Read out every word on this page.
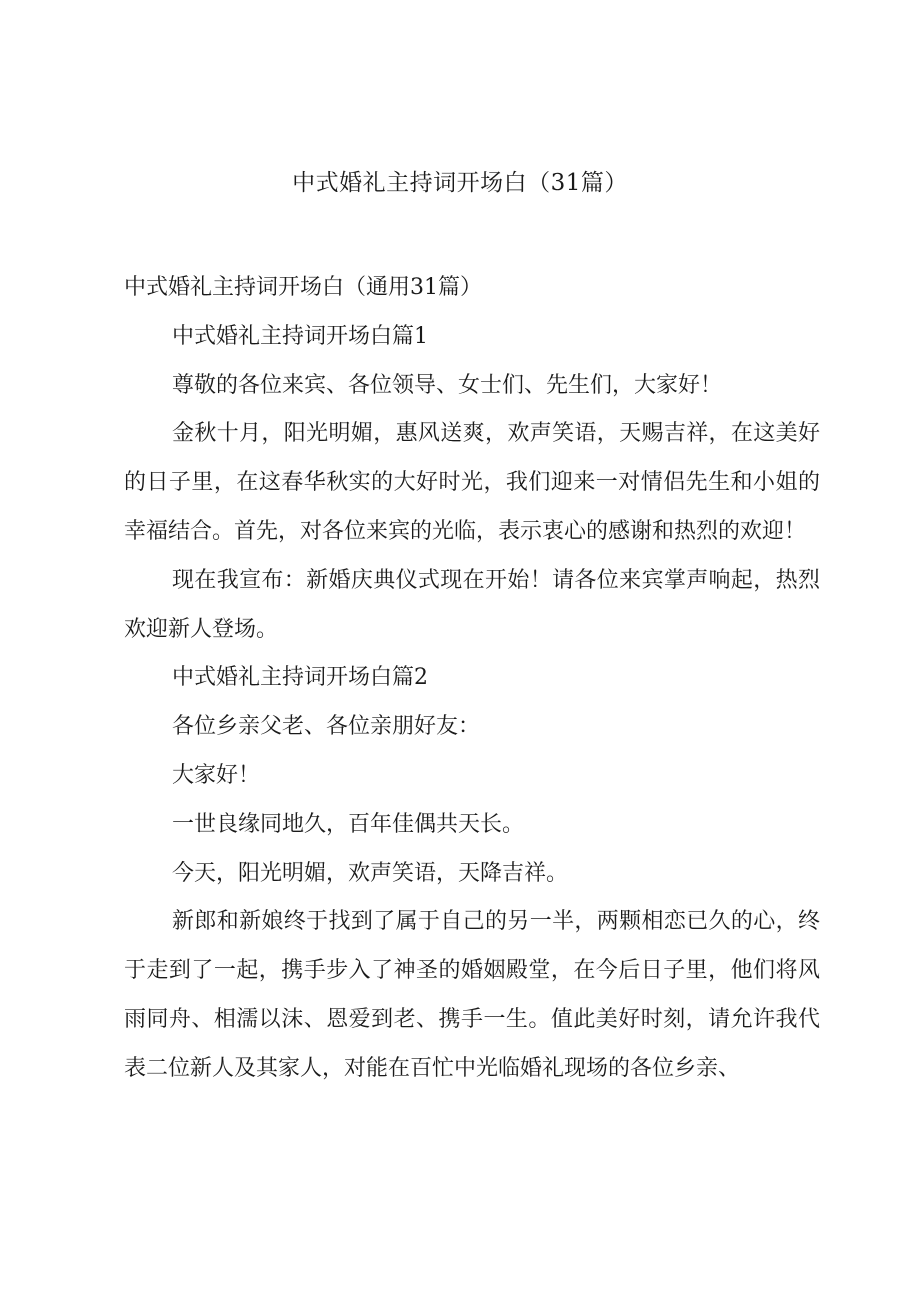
中式婚礼主持词开场白（31篇）

中式婚礼主持词开场白（通用31篇）

中式婚礼主持词开场白篇1

尊敬的各位来宾、各位领导、女士们、先生们，大家好！

金秋十月，阳光明媚，惠风送爽，欢声笑语，天赐吉祥，在这美好的日子里，在这春华秋实的大好时光，我们迎来一对情侣先生和小姐的幸福结合。首先，对各位来宾的光临，表示衷心的感谢和热烈的欢迎！

现在我宣布：新婚庆典仪式现在开始！请各位来宾掌声响起，热烈欢迎新人登场。

中式婚礼主持词开场白篇2

各位乡亲父老、各位亲朋好友：

大家好！

一世良缘同地久，百年佳偶共天长。

今天，阳光明媚，欢声笑语，天降吉祥。

新郎和新娘终于找到了属于自己的另一半，两颗相恋已久的心，终于走到了一起，携手步入了神圣的婚姻殿堂，在今后日子里，他们将风雨同舟、相濡以沫、恩爱到老、携手一生。值此美好时刻，请允许我代表二位新人及其家人，对能在百忙中光临婚礼现场的各位乡亲、
